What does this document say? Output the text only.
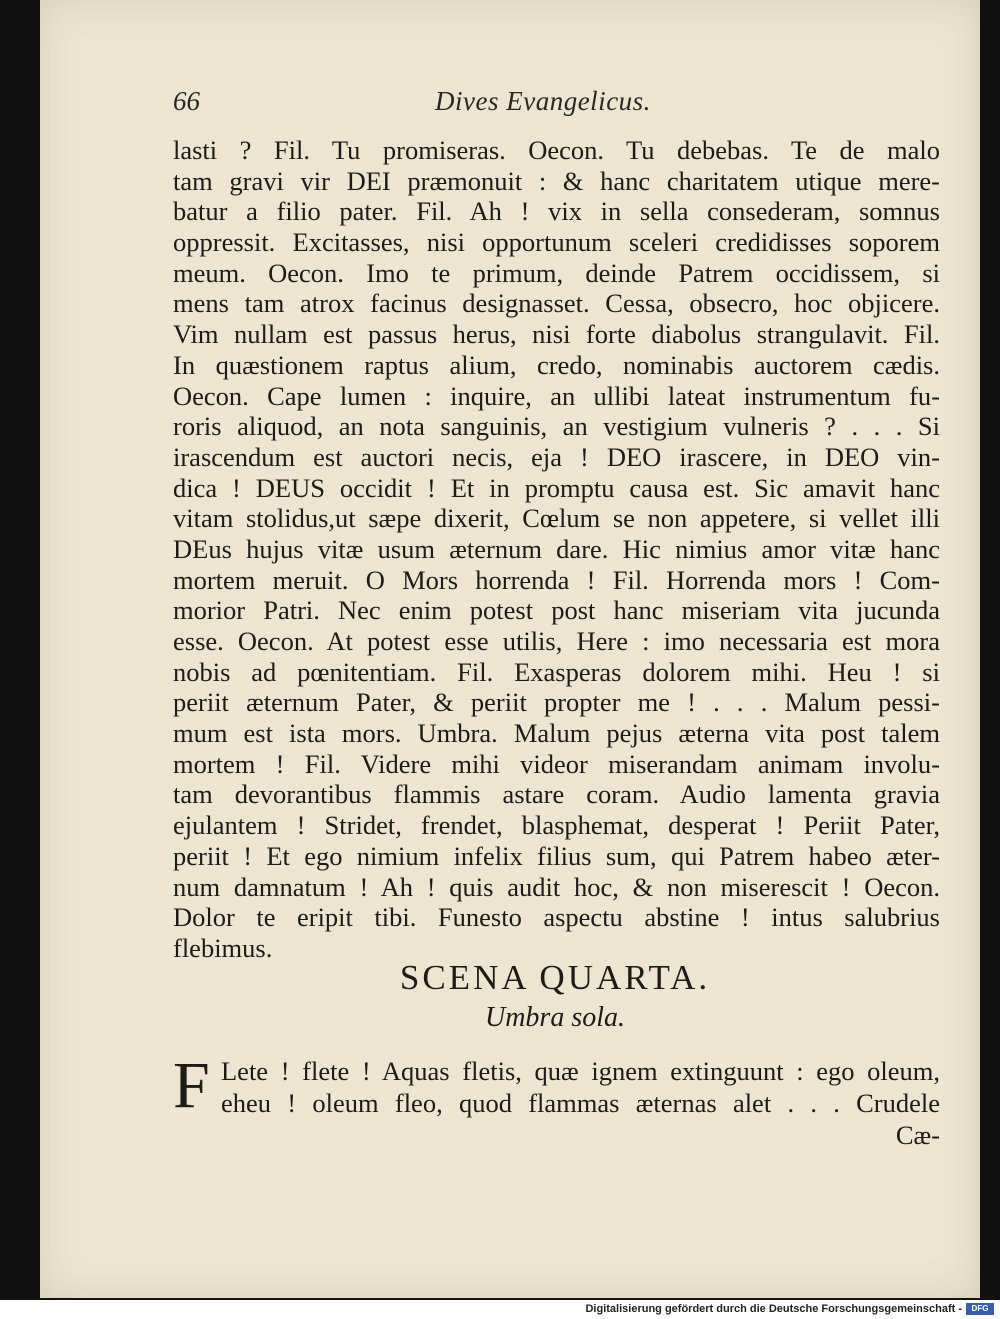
66	Dives Evangelicus.
lasti ? Fil. Tu promiseras. Oecon. Tu debebas. Te de malo
tam gravi vir DEI præmonuit : & hanc charitatem utique mere-
batur a filio pater. Fil. Ah ! vix in sella consederam, somnus
oppressit. Excitasses, nisi opportunum sceleri credidisses soporem
meum. Oecon. Imo te primum, deinde Patrem occidissem, si
mens tam atrox facinus designasset. Cessa, obsecro, hoc objicere.
Vim nullam est passus herus, nisi forte diabolus strangulavit. Fil.
In quæstionem raptus alium, credo, nominabis auctorem cædis.
Oecon. Cape lumen : inquire, an ullibi lateat instrumentum fu-
roris aliquod, an nota sanguinis, an vestigium vulneris ? . . . Si
irascendum est auctori necis, eja ! DEO irascere, in DEO vin-
dica ! DEUS occidit ! Et in promptu causa est. Sic amavit hanc
vitam stolidus,ut sæpe dixerit, Cœlum se non appetere, si vellet illi
DEus hujus vitæ usum æternum dare. Hic nimius amor vitæ hanc
mortem meruit. O Mors horrenda ! Fil. Horrenda mors ! Com-
morior Patri. Nec enim potest post hanc miseriam vita jucunda
esse. Oecon. At potest esse utilis, Here : imo necessaria est mora
nobis ad pœnitentiam. Fil. Exasperas dolorem mihi. Heu ! si
periit æternum Pater, & periit propter me ! . . . Malum pessi-
mum est ista mors. Umbra. Malum pejus æterna vita post talem
mortem ! Fil. Videre mihi videor miserandam animam involu-
tam devorantibus flammis astare coram. Audio lamenta gravia
ejulantem ! Stridet, frendet, blasphemat, desperat ! Periit Pater,
periit ! Et ego nimium infelix filius sum, qui Patrem habeo æter-
num damnatum ! Ah ! quis audit hoc, & non miserescit ! Oecon.
Dolor te eripit tibi. Funesto aspectu abstine ! intus salubrius
flebimus.
SCENA QUARTA.
Umbra sola.
F Lete ! flete ! Aquas fletis, quæ ignem extinguunt : ego oleum,
eheu ! oleum fleo, quod flammas æternas alet . . . Crudele
Cæ-
Digitalisierung gefördert durch die Deutsche Forschungsgemeinschaft -	DFG
